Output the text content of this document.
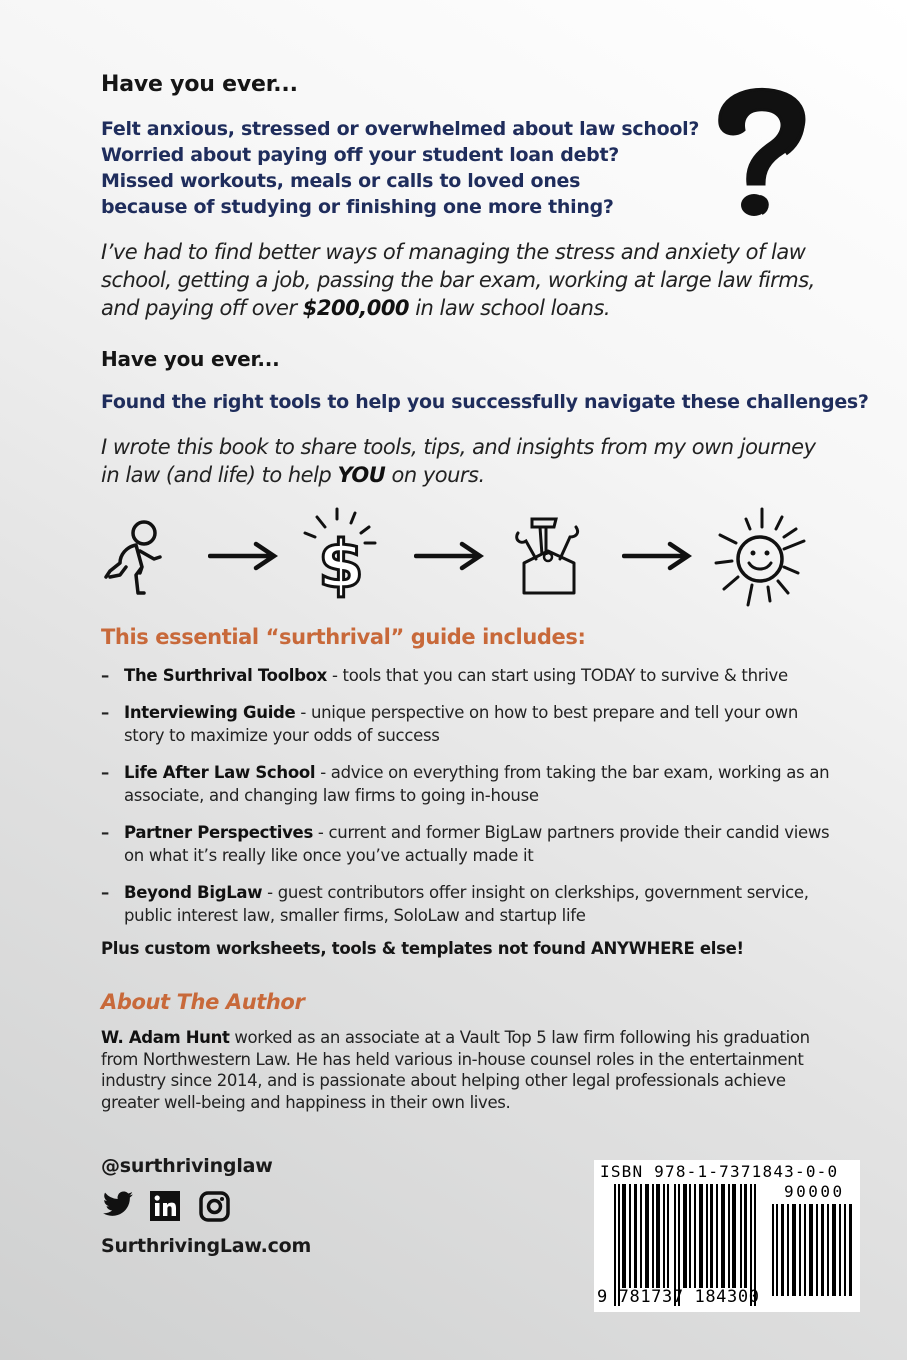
Have you ever...
Felt anxious, stressed or overwhelmed about law school?
Worried about paying off your student loan debt?
Missed workouts, meals or calls to loved ones
because of studying or finishing one more thing?
I’ve had to find better ways of managing the stress and anxiety of law
school, getting a job, passing the bar exam, working at large law firms,
and paying off over $200,000 in law school loans.
Have you ever...
Found the right tools to help you successfully navigate these challenges?
I wrote this book to share tools, tips, and insights from my own journey
in law (and life) to help YOU on yours.
$
This essential “surthrival” guide includes:
– The Surthrival Toolbox - tools that you can start using TODAY to survive & thrive
– Interviewing Guide - unique perspective on how to best prepare and tell your own story to maximize your odds of success
– Life After Law School - advice on everything from taking the bar exam, working as an associate, and changing law firms to going in-house
– Partner Perspectives - current and former BigLaw partners provide their candid views on what it’s really like once you’ve actually made it
– Beyond BigLaw - guest contributors offer insight on clerkships, government service, public interest law, smaller firms, SoloLaw and startup life
Plus custom worksheets, tools & templates not found ANYWHERE else!
About The Author
W. Adam Hunt worked as an associate at a Vault Top 5 law firm following his graduation from Northwestern Law. He has held various in-house counsel roles in the entertainment industry since 2014, and is passionate about helping other legal professionals achieve greater well-being and happiness in their own lives.
@surthrivinglaw
SurthrivingLaw.com
ISBN 978-1-7371843-0-0
90000
9 781737 184300
